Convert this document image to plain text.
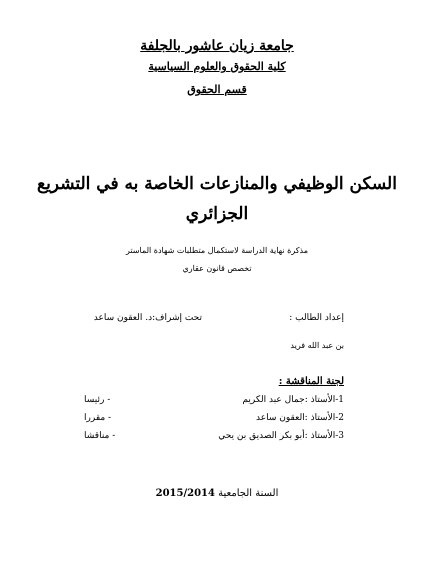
جامعة زيان عاشور بالجلفة
كلية الحقوق والعلوم السياسية
قسم الحقوق
السكن الوظيفي والمنازعات الخاصة به في التشريع
الجزائري
مذكرة نهاية الدراسة لاستكمال متطلبات شهادة الماستر
تخصص قانون عقاري
إعداد الطالب :
تحت إشراف:د. العقون ساعد
بن عبد الله فريد
لجنة المناقشة :
1-الأستاذ :جمال عبد الكريم
- رئيسا
2-الأستاذ :العقون ساعد
- مقررا
3-الأستاذ :أبو بكر الصديق بن يحي
- مناقشا
السنة الجامعية 2015/2014
